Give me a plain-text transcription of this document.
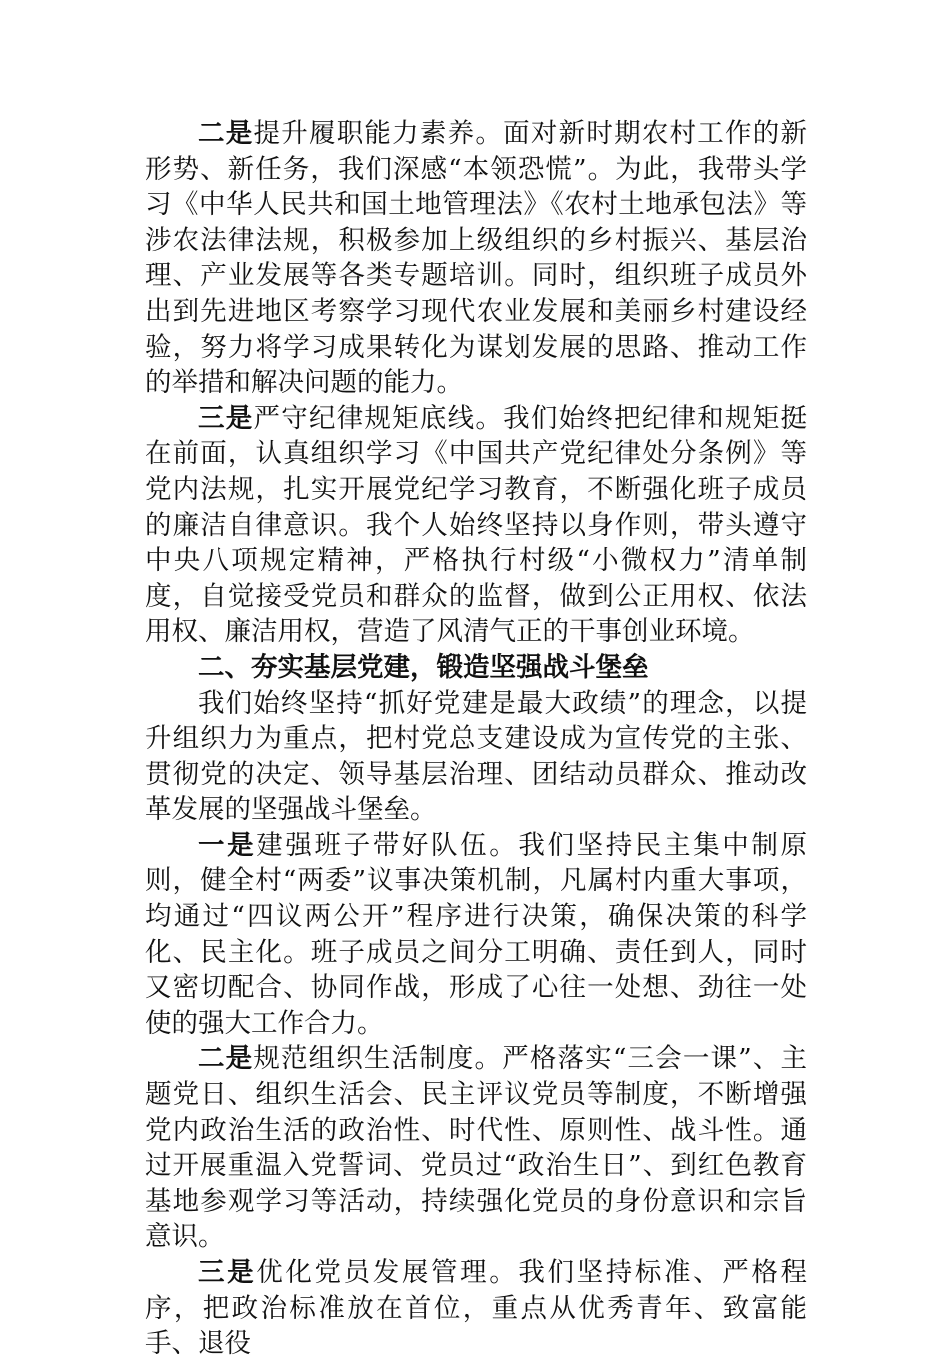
二是提升履职能力素养。面对新时期农村工作的新形势、新任务，我们深感“本领恐慌”。为此，我带头学习《中华人民共和国土地管理法》《农村土地承包法》等涉农法律法规，积极参加上级组织的乡村振兴、基层治理、产业发展等各类专题培训。同时，组织班子成员外出到先进地区考察学习现代农业发展和美丽乡村建设经验，努力将学习成果转化为谋划发展的思路、推动工作的举措和解决问题的能力。

三是严守纪律规矩底线。我们始终把纪律和规矩挺在前面，认真组织学习《中国共产党纪律处分条例》等党内法规，扎实开展党纪学习教育，不断强化班子成员的廉洁自律意识。我个人始终坚持以身作则，带头遵守中央八项规定精神，严格执行村级“小微权力”清单制度，自觉接受党员和群众的监督，做到公正用权、依法用权、廉洁用权，营造了风清气正的干事创业环境。

二、夯实基层党建，锻造坚强战斗堡垒

我们始终坚持“抓好党建是最大政绩”的理念，以提升组织力为重点，把村党总支建设成为宣传党的主张、贯彻党的决定、领导基层治理、团结动员群众、推动改革发展的坚强战斗堡垒。

一是建强班子带好队伍。我们坚持民主集中制原则，健全村“两委”议事决策机制，凡属村内重大事项，均通过“四议两公开”程序进行决策，确保决策的科学化、民主化。班子成员之间分工明确、责任到人，同时又密切配合、协同作战，形成了心往一处想、劲往一处使的强大工作合力。

二是规范组织生活制度。严格落实“三会一课”、主题党日、组织生活会、民主评议党员等制度，不断增强党内政治生活的政治性、时代性、原则性、战斗性。通过开展重温入党誓词、党员过“政治生日”、到红色教育基地参观学习等活动，持续强化党员的身份意识和宗旨意识。

三是优化党员发展管理。我们坚持标准、严格程序，把政治标准放在首位，重点从优秀青年、致富能手、退役
